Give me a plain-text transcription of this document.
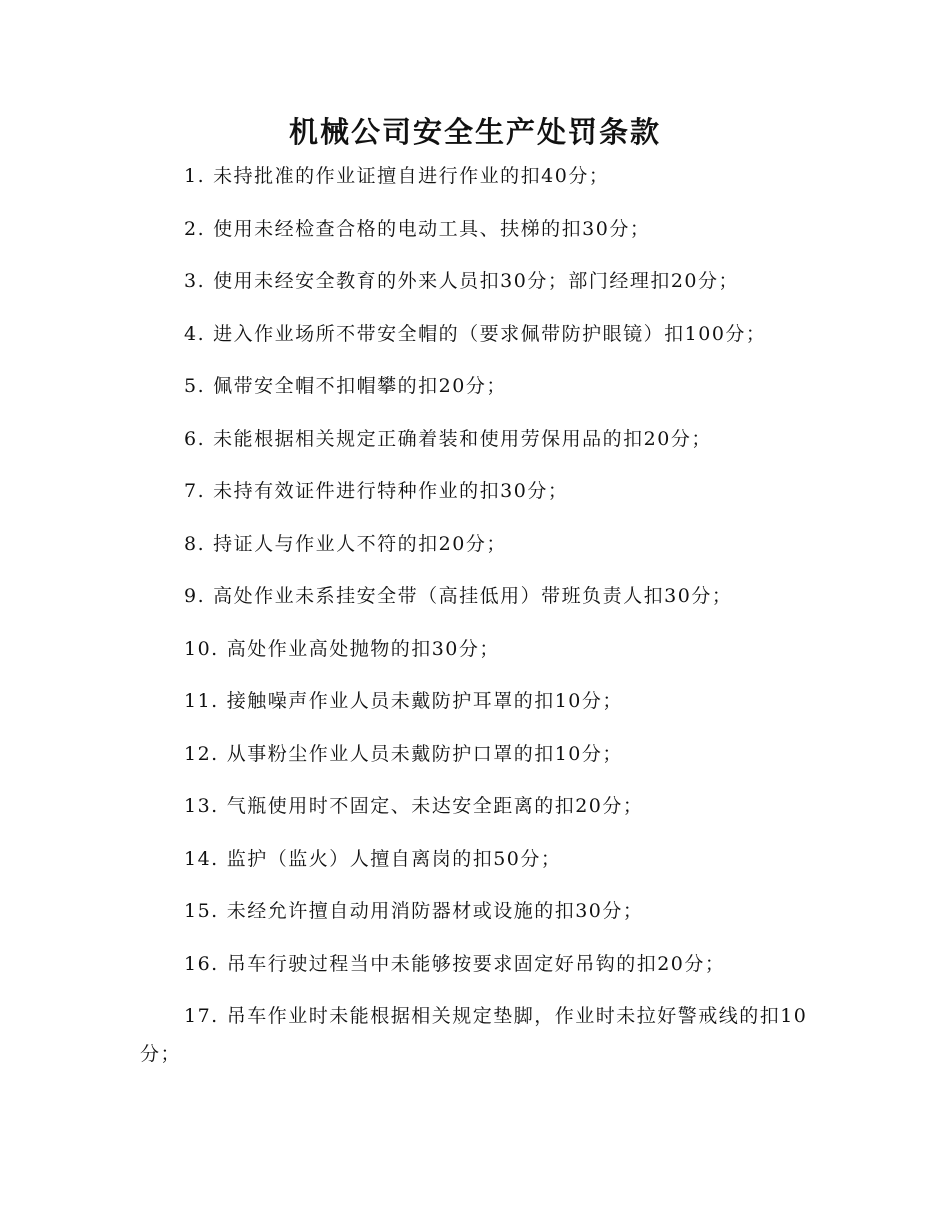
机械公司安全生产处罚条款

1. 未持批准的作业证擅自进行作业的扣40分；

2. 使用未经检查合格的电动工具、扶梯的扣30分；

3. 使用未经安全教育的外来人员扣30分；部门经理扣20分；

4. 进入作业场所不带安全帽的（要求佩带防护眼镜）扣100分；

5. 佩带安全帽不扣帽攀的扣20分；

6. 未能根据相关规定正确着装和使用劳保用品的扣20分；

7. 未持有效证件进行特种作业的扣30分；

8. 持证人与作业人不符的扣20分；

9. 高处作业未系挂安全带（高挂低用）带班负责人扣30分；

10. 高处作业高处抛物的扣30分；

11. 接触噪声作业人员未戴防护耳罩的扣10分；

12. 从事粉尘作业人员未戴防护口罩的扣10分；

13. 气瓶使用时不固定、未达安全距离的扣20分；

14. 监护（监火）人擅自离岗的扣50分；

15. 未经允许擅自动用消防器材或设施的扣30分；

16. 吊车行驶过程当中未能够按要求固定好吊钩的扣20分；

17. 吊车作业时未能根据相关规定垫脚，作业时未拉好警戒线的扣10分；
